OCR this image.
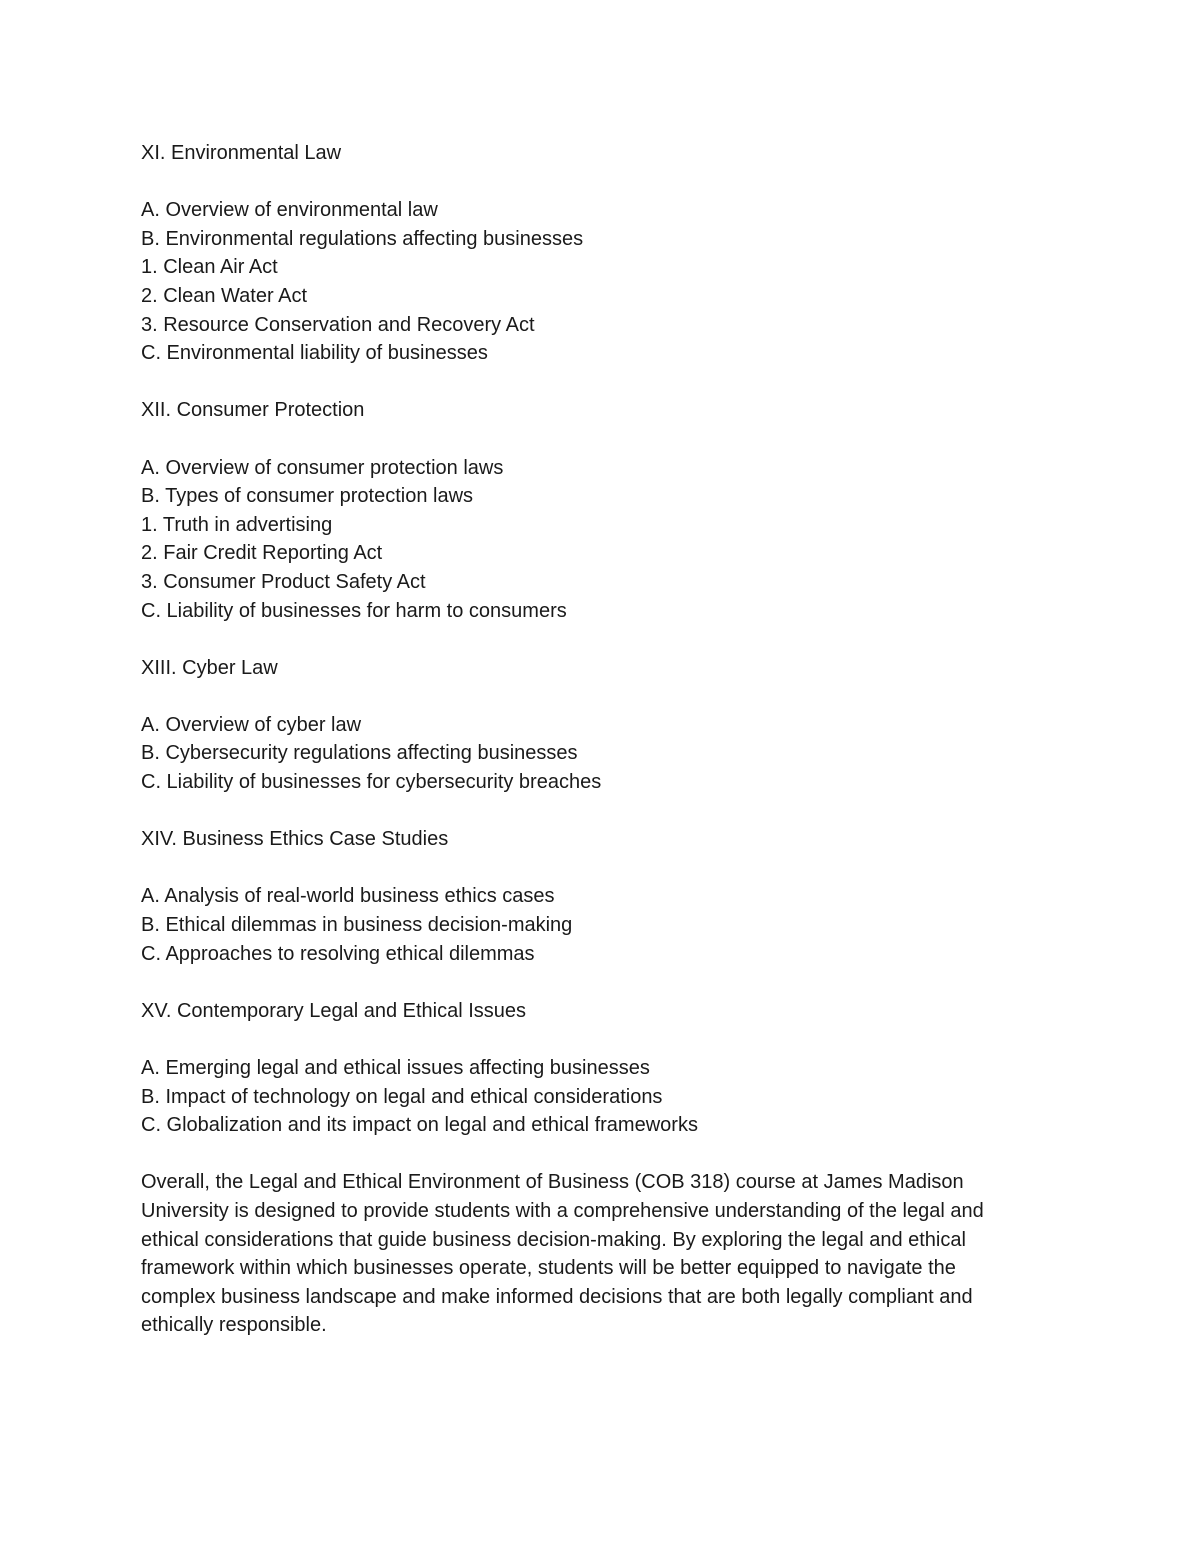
XI. Environmental Law
A. Overview of environmental law
B. Environmental regulations affecting businesses
1. Clean Air Act
2. Clean Water Act
3. Resource Conservation and Recovery Act
C. Environmental liability of businesses
XII. Consumer Protection
A. Overview of consumer protection laws
B. Types of consumer protection laws
1. Truth in advertising
2. Fair Credit Reporting Act
3. Consumer Product Safety Act
C. Liability of businesses for harm to consumers
XIII. Cyber Law
A. Overview of cyber law
B. Cybersecurity regulations affecting businesses
C. Liability of businesses for cybersecurity breaches
XIV. Business Ethics Case Studies
A. Analysis of real-world business ethics cases
B. Ethical dilemmas in business decision-making
C. Approaches to resolving ethical dilemmas
XV. Contemporary Legal and Ethical Issues
A. Emerging legal and ethical issues affecting businesses
B. Impact of technology on legal and ethical considerations
C. Globalization and its impact on legal and ethical frameworks
Overall, the Legal and Ethical Environment of Business (COB 318) course at James Madison
University is designed to provide students with a comprehensive understanding of the legal and
ethical considerations that guide business decision-making. By exploring the legal and ethical
framework within which businesses operate, students will be better equipped to navigate the
complex business landscape and make informed decisions that are both legally compliant and
ethically responsible.
